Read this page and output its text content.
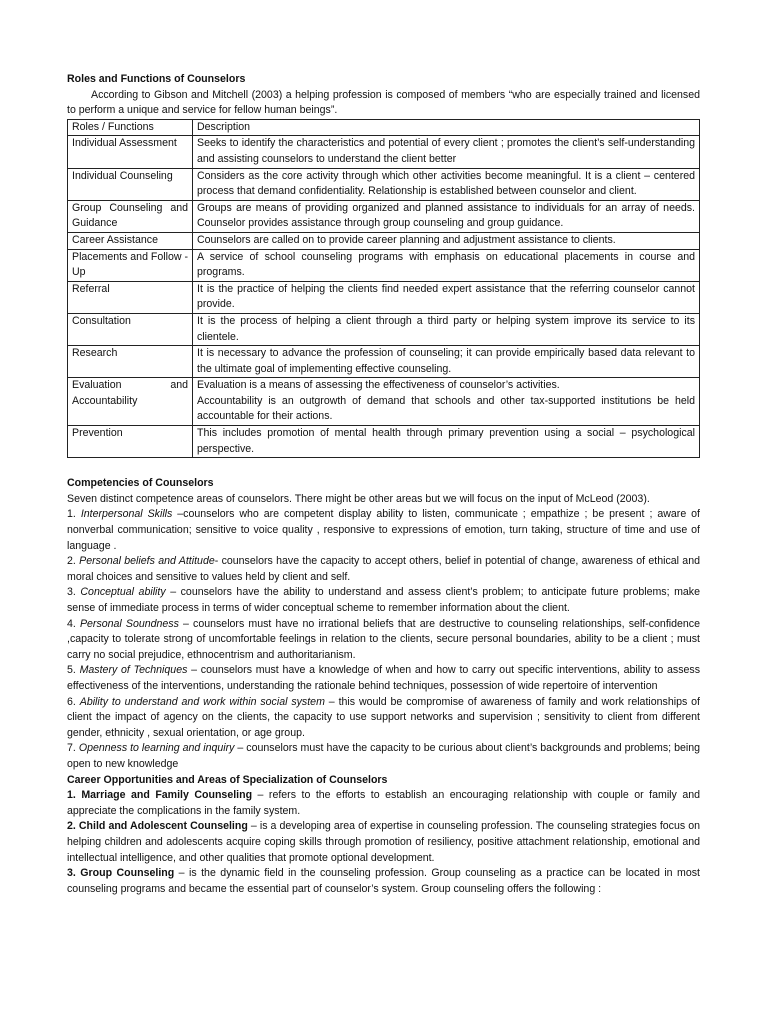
Roles and Functions of Counselors

According to Gibson and Mitchell (2003) a helping profession is composed of members “who are especially trained and licensed to perform a unique and service for fellow human beings”.

Roles / Functions	Description
Individual Assessment	Seeks to identify the characteristics and potential of every client ; promotes the client’s self-understanding and assisting counselors to understand the client better
Individual Counseling	Considers as the core activity through which other activities become meaningful. It is a client – centered process that demand confidentiality. Relationship is established between counselor and client.
Group Counseling and Guidance	Groups are means of providing organized and planned assistance to individuals for an array of needs. Counselor provides assistance through group counseling and group guidance.
Career Assistance	Counselors are called on to provide career planning and adjustment assistance to clients.
Placements and Follow -Up	A service of school counseling programs with emphasis on educational placements in course and programs.
Referral	It is the practice of helping the clients find needed expert assistance that the referring counselor cannot provide.
Consultation	It is the process of helping a client through a third party or helping system improve its service to its clientele.
Research	It is necessary to advance the profession of counseling; it can provide empirically based data relevant to the ultimate goal of implementing effective counseling.
Evaluation and Accountability	Evaluation is a means of assessing the effectiveness of counselor’s activities.
Accountability is an outgrowth of demand that schools and other tax-supported institutions be held accountable for their actions.

Prevention	This includes promotion of mental health through primary prevention using a social – psychological perspective.
Competencies of Counselors

Seven distinct competence areas of counselors. There might be other areas but we will focus on the input of McLeod (2003).

1. Interpersonal Skills –counselors who are competent display ability to listen, communicate ; empathize ; be present ; aware of nonverbal communication; sensitive to voice quality , responsive to expressions of emotion, turn taking, structure of time and use of language .

2. Personal beliefs and Attitude- counselors have the capacity to accept others, belief in potential of change, awareness of ethical and moral choices and sensitive to values held by client and self.

3. Conceptual ability – counselors have the ability to understand and assess client’s problem; to anticipate future problems; make sense of immediate process in terms of wider conceptual scheme to remember information about the client.

4. Personal Soundness – counselors must have no irrational beliefs that are destructive to counseling relationships, self-confidence ,capacity to tolerate strong of uncomfortable feelings in relation to the clients, secure personal boundaries, ability to be a client ; must carry no social prejudice, ethnocentrism and authoritarianism.

5. Mastery of Techniques – counselors must have a knowledge of when and how to carry out specific interventions, ability to assess effectiveness of the interventions, understanding the rationale behind techniques, possession of wide repertoire of intervention

6. Ability to understand and work within social system – this would be compromise of awareness of family and work relationships of client the impact of agency on the clients, the capacity to use support networks and supervision ; sensitivity to client from different gender, ethnicity , sexual orientation, or age group.

7. Openness to learning and inquiry – counselors must have the capacity to be curious about client’s backgrounds and problems; being open to new knowledge

Career Opportunities and Areas of Specialization of Counselors

1. Marriage and Family Counseling – refers to the efforts to establish an encouraging relationship with couple or family and appreciate the complications in the family system.

2. Child and Adolescent Counseling – is a developing area of expertise in counseling profession. The counseling strategies focus on helping children and adolescents acquire coping skills through promotion of resiliency, positive attachment relationship, emotional and intellectual intelligence, and other qualities that promote optional development.

3. Group Counseling – is the dynamic field in the counseling profession. Group counseling as a practice can be located in most counseling programs and became the essential part of counselor’s system. Group counseling offers the following :
